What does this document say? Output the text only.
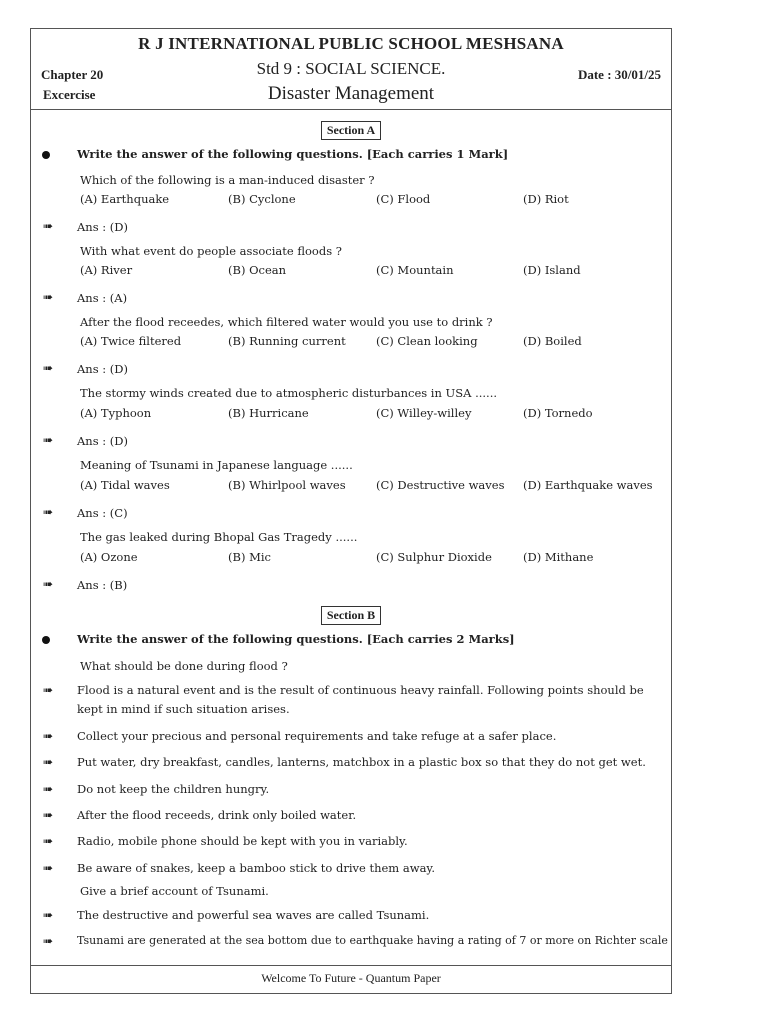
R J INTERNATIONAL PUBLIC SCHOOL MESHSANA
Std 9 : SOCIAL SCIENCE.
Disaster Management
Chapter 20
Excercise
Date : 30/01/25
Section A
Write the answer of the following questions. [Each carries 1 Mark]
Which of the following is a man-induced disaster ?
(A) Earthquake	(B) Cyclone	(C) Flood	(D) Riot
➠ Ans : (D)
With what event do people associate floods ?
(A) River	(B) Ocean	(C) Mountain	(D) Island
➠ Ans : (A)
After the flood receedes, which filtered water would you use to drink ?
(A) Twice filtered	(B) Running current	(C) Clean looking	(D) Boiled
➠ Ans : (D)
The stormy winds created due to atmospheric disturbances in USA ......
(A) Typhoon	(B) Hurricane	(C) Willey-willey	(D) Tornedo
➠ Ans : (D)
Meaning of Tsunami in Japanese language ......
(A) Tidal waves	(B) Whirlpool waves	(C) Destructive waves (D) Earthquake waves
➠ Ans : (C)
The gas leaked during Bhopal Gas Tragedy ......
(A) Ozone	(B) Mic	(C) Sulphur Dioxide	(D) Mithane
➠ Ans : (B)
Section B
Write the answer of the following questions. [Each carries 2 Marks]
What should be done during flood ?
➠ Flood is a natural event and is the result of continuous heavy rainfall. Following points should be kept in mind if such situation arises.
➠ Collect your precious and personal requirements and take refuge at a safer place.
➠ Put water, dry breakfast, candles, lanterns, matchbox in a plastic box so that they do not get wet.
➠ Do not keep the children hungry.
➠ After the flood receeds, drink only boiled water.
➠ Radio, mobile phone should be kept with you in variably.
➠ Be aware of snakes, keep a bamboo stick to drive them away.
Give a brief account of Tsunami.
➠ The destructive and powerful sea waves are called Tsunami.
➠ Tsunami are generated at the sea bottom due to earthquake having a rating of 7 or more on Richter scale
Welcome To Future - Quantum Paper
